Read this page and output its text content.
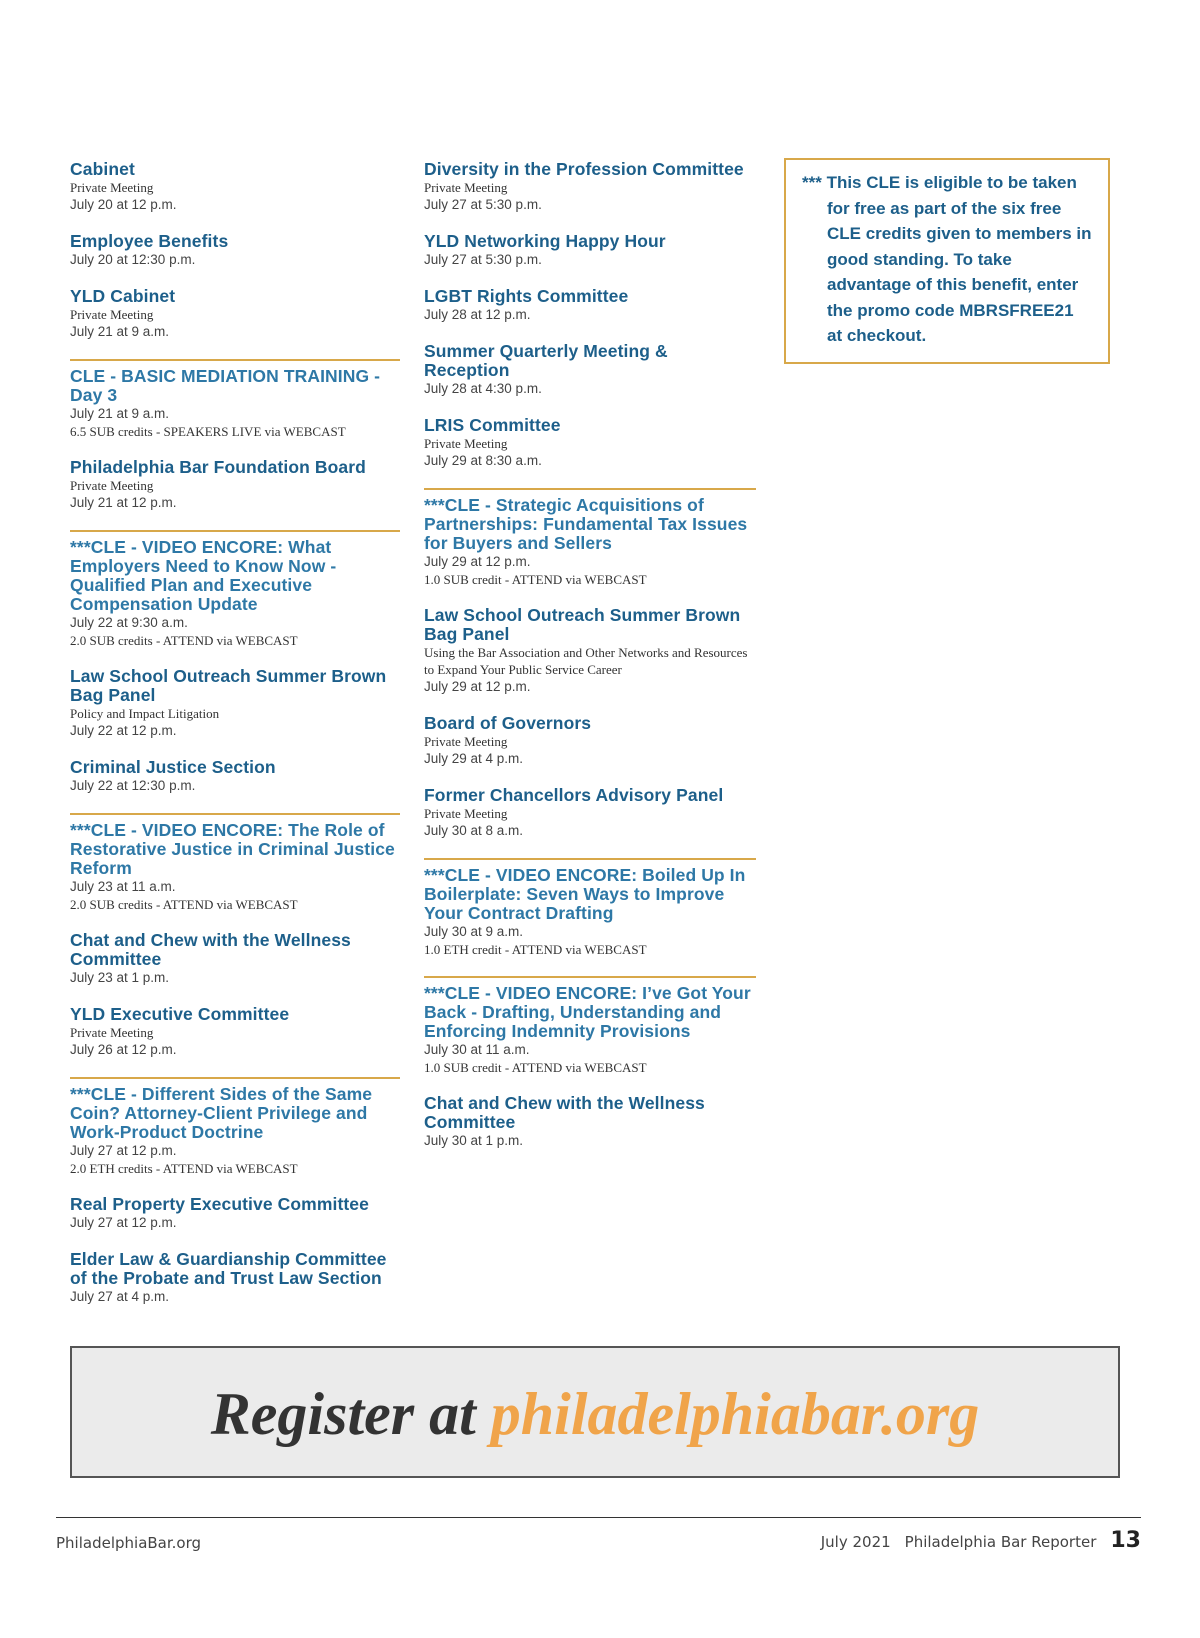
Cabinet
Private Meeting
July 20 at 12 p.m.
Employee Benefits
July 20 at 12:30 p.m.
YLD Cabinet
Private Meeting
July 21 at 9 a.m.
CLE - BASIC MEDIATION TRAINING - Day 3
July 21 at 9 a.m.
6.5 SUB credits - SPEAKERS LIVE via WEBCAST
Philadelphia Bar Foundation Board
Private Meeting
July 21 at 12 p.m.
***CLE - VIDEO ENCORE: What Employers Need to Know Now - Qualified Plan and Executive Compensation Update
July 22 at 9:30 a.m.
2.0 SUB credits - ATTEND via WEBCAST
Law School Outreach Summer Brown Bag Panel
Policy and Impact Litigation
July 22 at 12 p.m.
Criminal Justice Section
July 22 at 12:30 p.m.
***CLE - VIDEO ENCORE: The Role of Restorative Justice in Criminal Justice Reform
July 23 at 11 a.m.
2.0 SUB credits - ATTEND via WEBCAST
Chat and Chew with the Wellness Committee
July 23 at 1 p.m.
YLD Executive Committee
Private Meeting
July 26 at 12 p.m.
***CLE - Different Sides of the Same Coin? Attorney-Client Privilege and Work-Product Doctrine
July 27 at 12 p.m.
2.0 ETH credits - ATTEND via WEBCAST
Real Property Executive Committee
July 27 at 12 p.m.
Elder Law & Guardianship Committee of the Probate and Trust Law Section
July 27 at 4 p.m.
Diversity in the Profession Committee
Private Meeting
July 27 at 5:30 p.m.
YLD Networking Happy Hour
July 27 at 5:30 p.m.
LGBT Rights Committee
July 28 at 12 p.m.
Summer Quarterly Meeting & Reception
July 28 at 4:30 p.m.
LRIS Committee
Private Meeting
July 29 at 8:30 a.m.
***CLE - Strategic Acquisitions of Partnerships: Fundamental Tax Issues for Buyers and Sellers
July 29 at 12 p.m.
1.0 SUB credit - ATTEND via WEBCAST
Law School Outreach Summer Brown Bag Panel
Using the Bar Association and Other Networks and Resources to Expand Your Public Service Career
July 29 at 12 p.m.
Board of Governors
Private Meeting
July 29 at 4 p.m.
Former Chancellors Advisory Panel
Private Meeting
July 30 at 8 a.m.
***CLE - VIDEO ENCORE: Boiled Up In Boilerplate: Seven Ways to Improve Your Contract Drafting
July 30 at 9 a.m.
1.0 ETH credit - ATTEND via WEBCAST
***CLE - VIDEO ENCORE: I’ve Got Your Back - Drafting, Understanding and Enforcing Indemnity Provisions
July 30 at 11 a.m.
1.0 SUB credit - ATTEND via WEBCAST
Chat and Chew with the Wellness Committee
July 30 at 1 p.m.
*** This CLE is eligible to be taken for free as part of the six free CLE credits given to members in good standing. To take advantage of this benefit, enter the promo code MBRSFREE21 at checkout.
Register at philadelphiabar.org
PhiladelphiaBar.org	July 2021 Philadelphia Bar Reporter 13
